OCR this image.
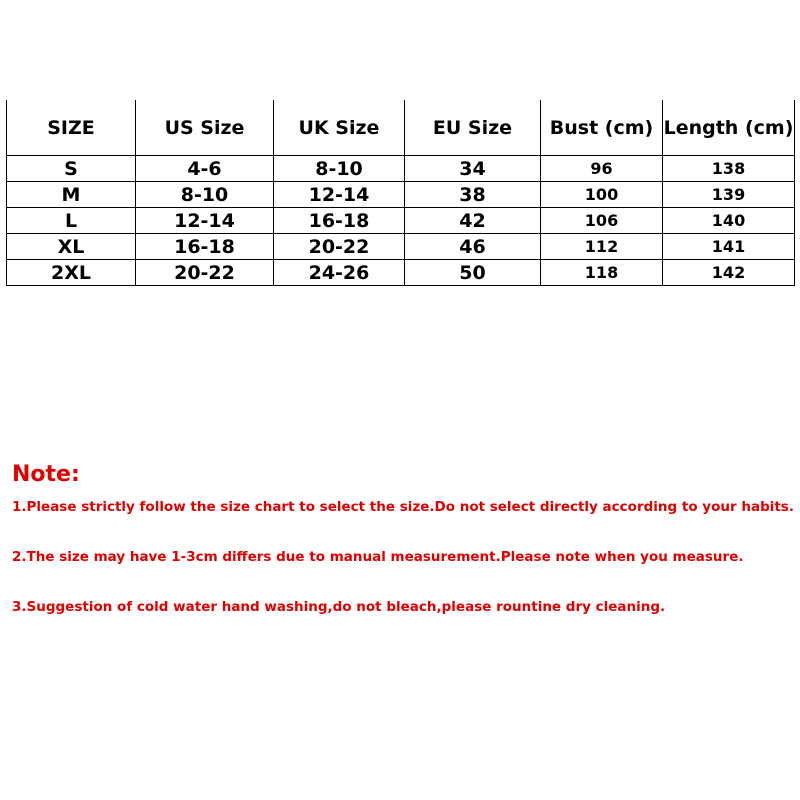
SIZE	US Size	UK Size	EU Size	Bust (cm)	Length (cm)
S	4-6	8-10	34	96	138
M	8-10	12-14	38	100	139
L	12-14	16-18	42	106	140
XL	16-18	20-22	46	112	141
2XL	20-22	24-26	50	118	142

Note:

1.Please strictly follow the size chart to select the size.Do not select directly according to your habits.

2.The size may have 1-3cm differs due to manual measurement.Please note when you measure.

3.Suggestion of cold water hand washing,do not bleach,please rountine dry cleaning.
